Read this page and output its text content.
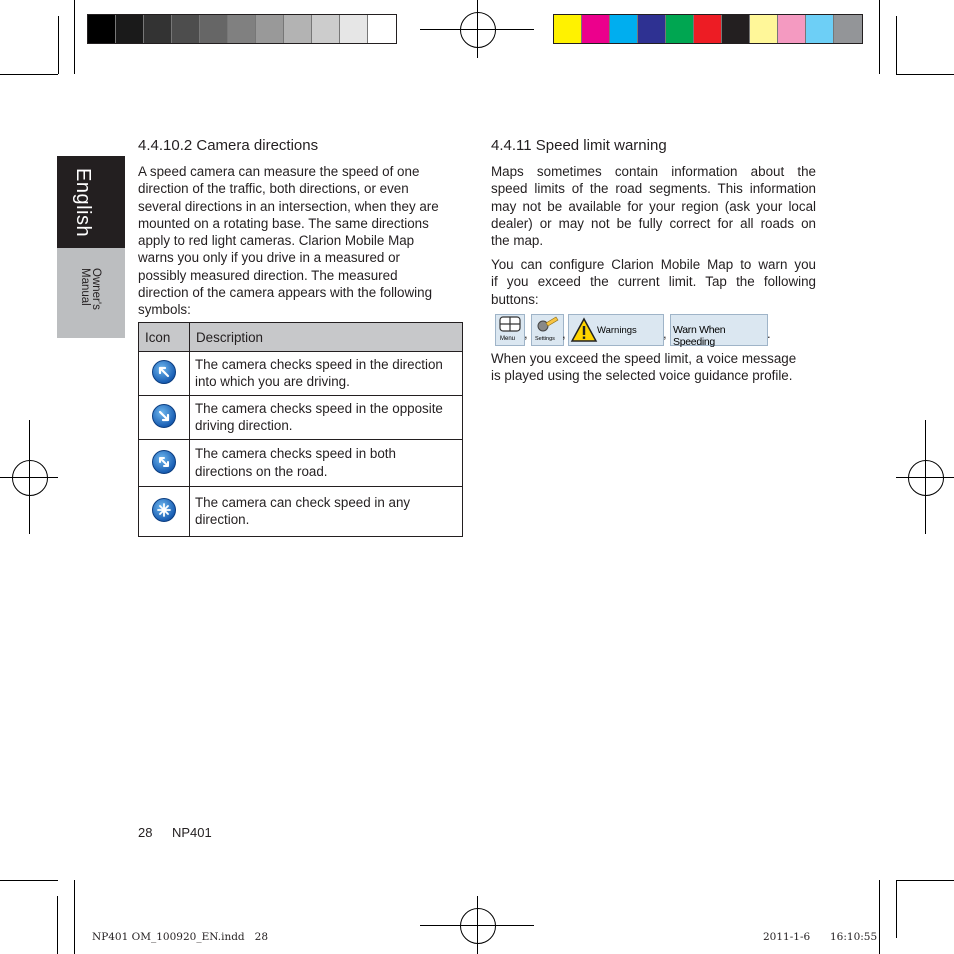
English
Owner's
Manual
4.4.10.2 Camera directions

A speed camera can measure the speed of one
direction of the traffic, both directions, or even
several directions in an intersection, when they are
mounted on a rotating base. The same directions
apply to red light cameras. Clarion Mobile Map
warns you only if you drive in a measured or
possibly measured direction. The measured
direction of the camera appears with the following
symbols:

Icon	Description

The camera checks speed in the direction
into which you are driving.

The camera checks speed in the opposite
driving direction.

The camera checks speed in both
directions on the road.

The camera can check speed in any
direction.
4.4.11 Speed limit warning

Maps sometimes contain information about the
speed limits of the road segments. This information
may not be available for your region (ask your local
dealer) or may not be fully correct for all roads on
the map.

You can configure Clarion Mobile Map to warn you
if you exceed the current limit. Tap the following
buttons:

Menu , Settings ,	Warnings , Warn When Speeding
.

When you exceed the speed limit, a voice message
is played using the selected voice guidance profile.

28 NP401
NP401 OM_100920_EN.indd   28	2011-1-6 16:10:55
